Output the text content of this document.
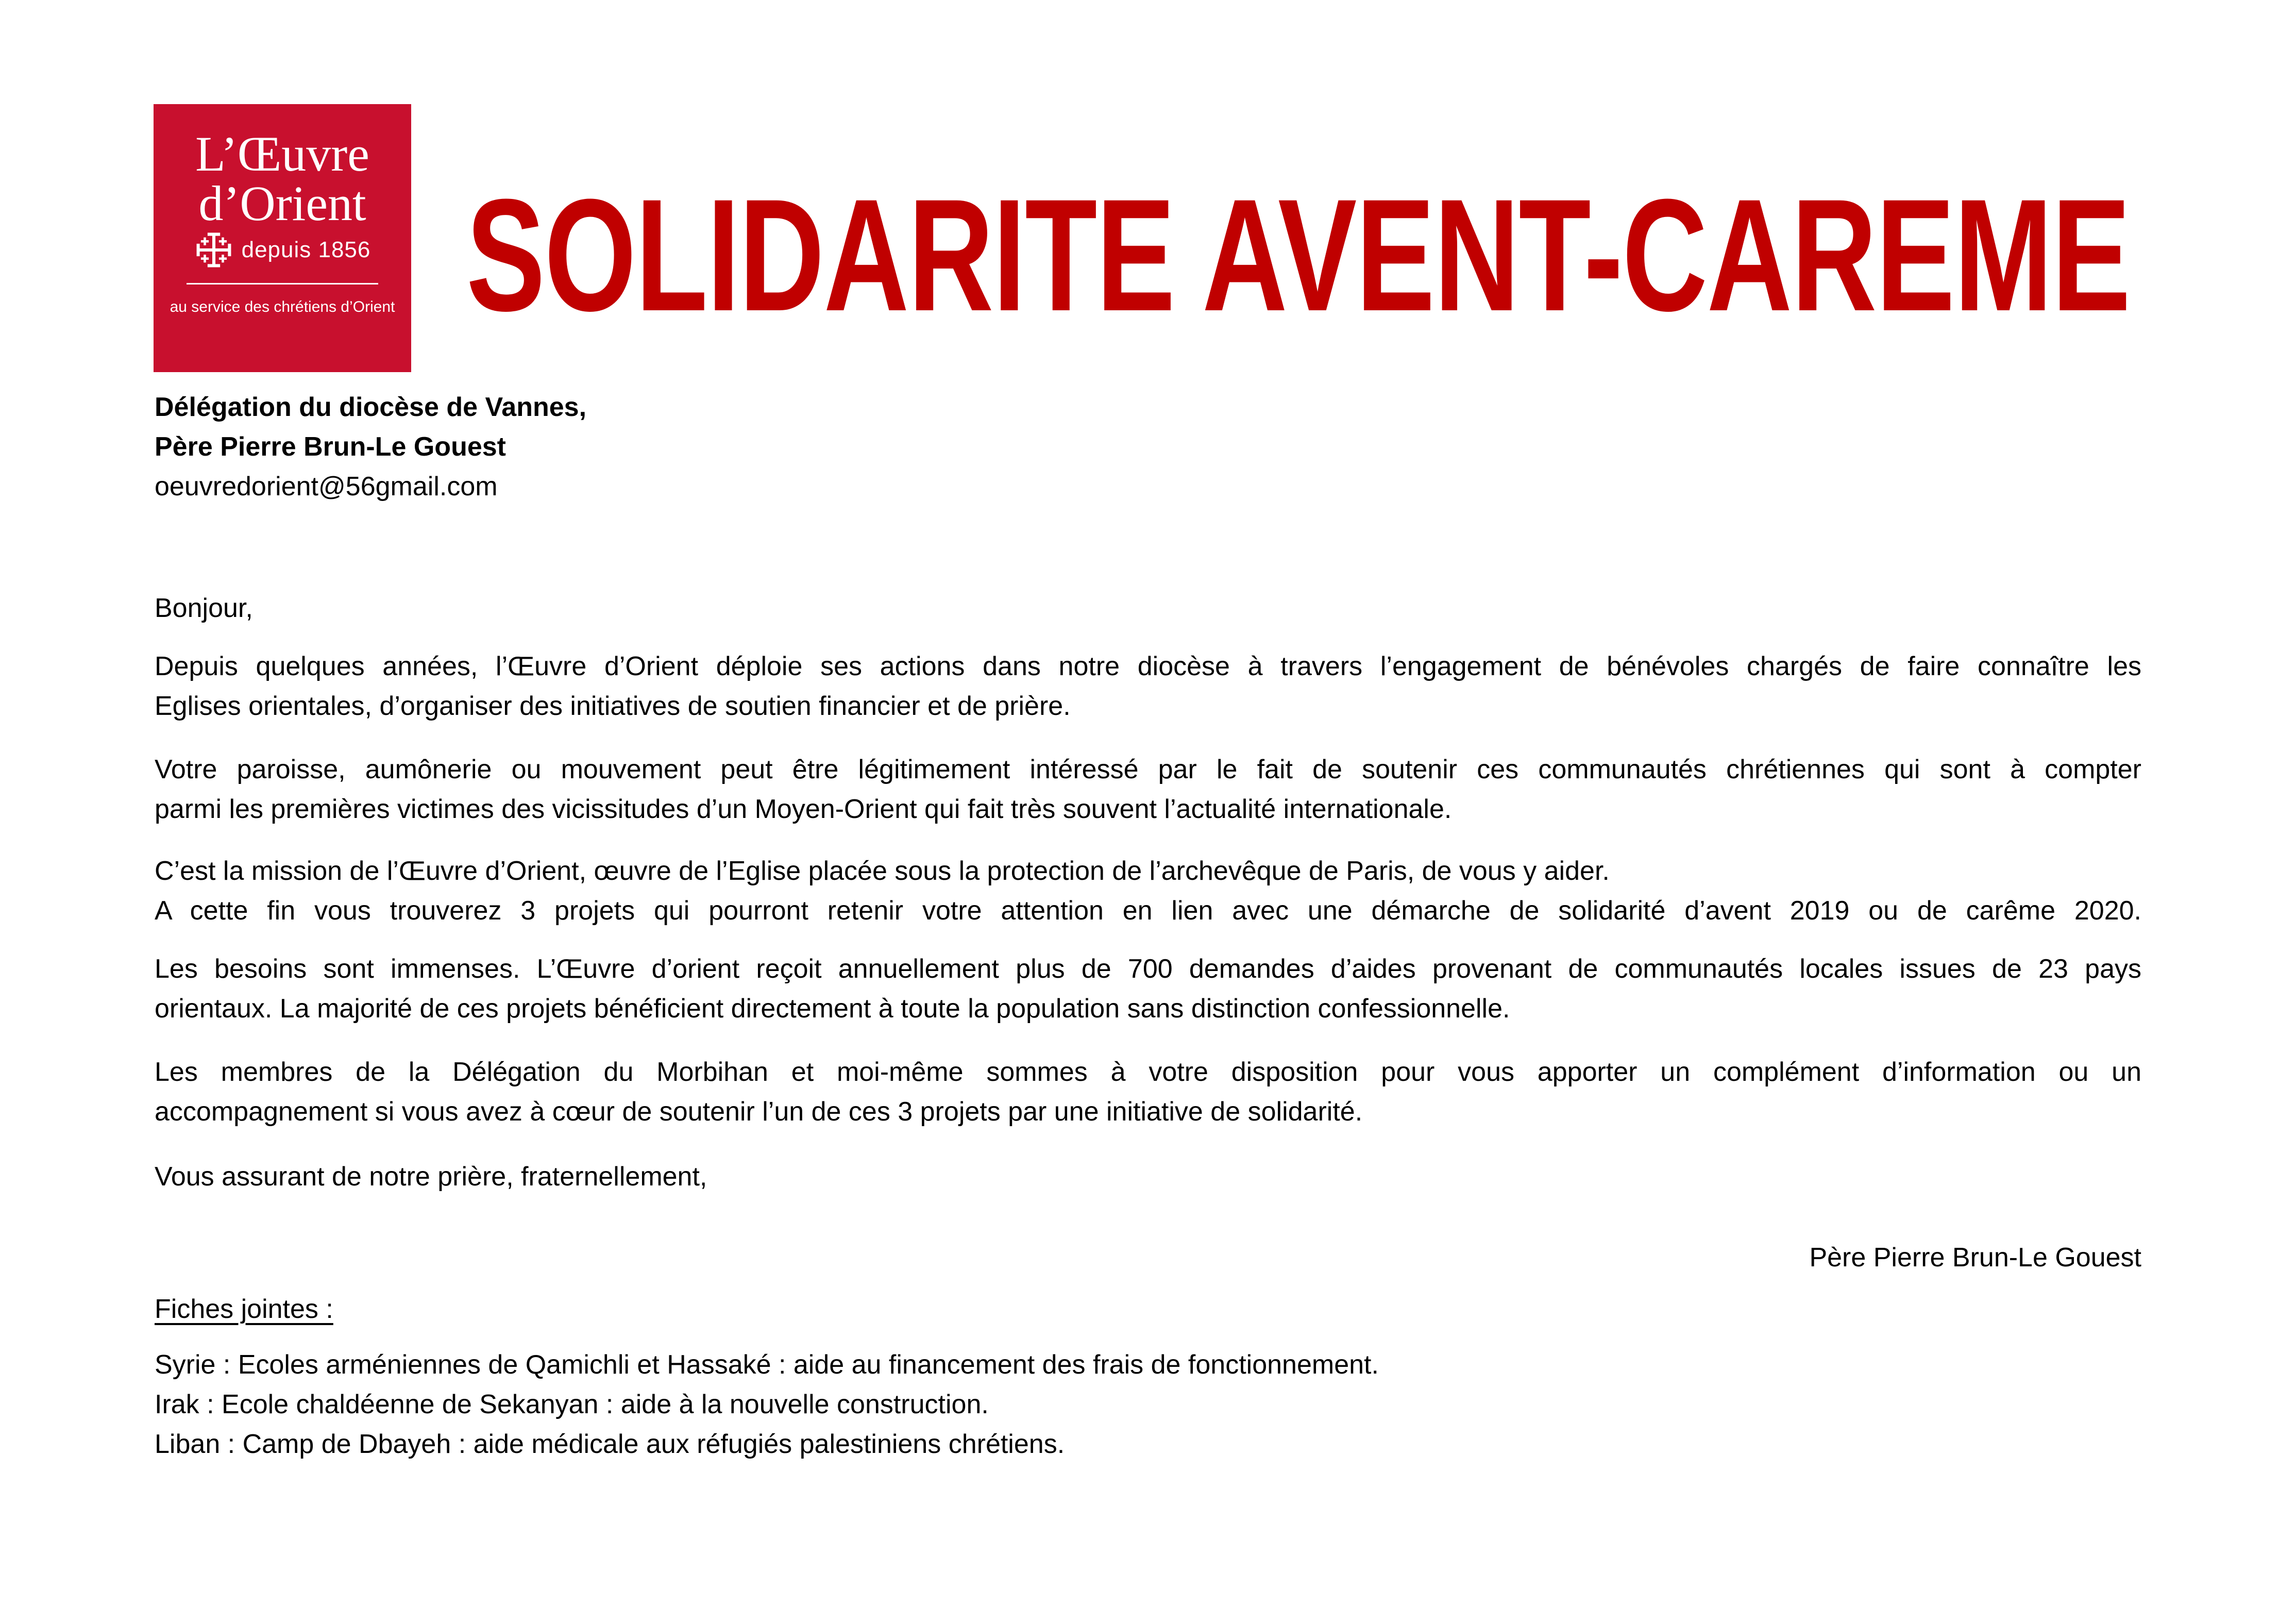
L’Œuvre
d’Orient
depuis 1856
au service des chrétiens d’Orient SOLIDARITE AVENT-CAREME
Délégation du diocèse de Vannes,
Père Pierre Brun-Le Gouest
oeuvredorient@56gmail.com
Bonjour,
Depuis quelques années, l’Œuvre d’Orient déploie ses actions dans notre diocèse à travers l’engagement de bénévoles chargés de faire connaître les
Eglises orientales, d’organiser des initiatives de soutien financier et de prière.
Votre paroisse, aumônerie ou mouvement peut être légitimement intéressé par le fait de soutenir ces communautés chrétiennes qui sont à compter
parmi les premières victimes des vicissitudes d’un Moyen-Orient qui fait très souvent l’actualité internationale.
C’est la mission de l’Œuvre d’Orient, œuvre de l’Eglise placée sous la protection de l’archevêque de Paris, de vous y aider.
A cette fin vous trouverez 3 projets qui pourront retenir votre attention en lien avec une démarche de solidarité d’avent 2019 ou de carême 2020.
Les besoins sont immenses. L’Œuvre d’orient reçoit annuellement plus de 700 demandes d’aides provenant de communautés locales issues de 23 pays
orientaux. La majorité de ces projets bénéficient directement à toute la population sans distinction confessionnelle.
Les membres de la Délégation du Morbihan et moi-même sommes à votre disposition pour vous apporter un complément d’information ou un
accompagnement si vous avez à cœur de soutenir l’un de ces 3 projets par une initiative de solidarité.
Vous assurant de notre prière, fraternellement,
Père Pierre Brun-Le Gouest
Fiches jointes :
Syrie : Ecoles arméniennes de Qamichli et Hassaké : aide au financement des frais de fonctionnement.
Irak : Ecole chaldéenne de Sekanyan : aide à la nouvelle construction.
Liban : Camp de Dbayeh : aide médicale aux réfugiés palestiniens chrétiens.
